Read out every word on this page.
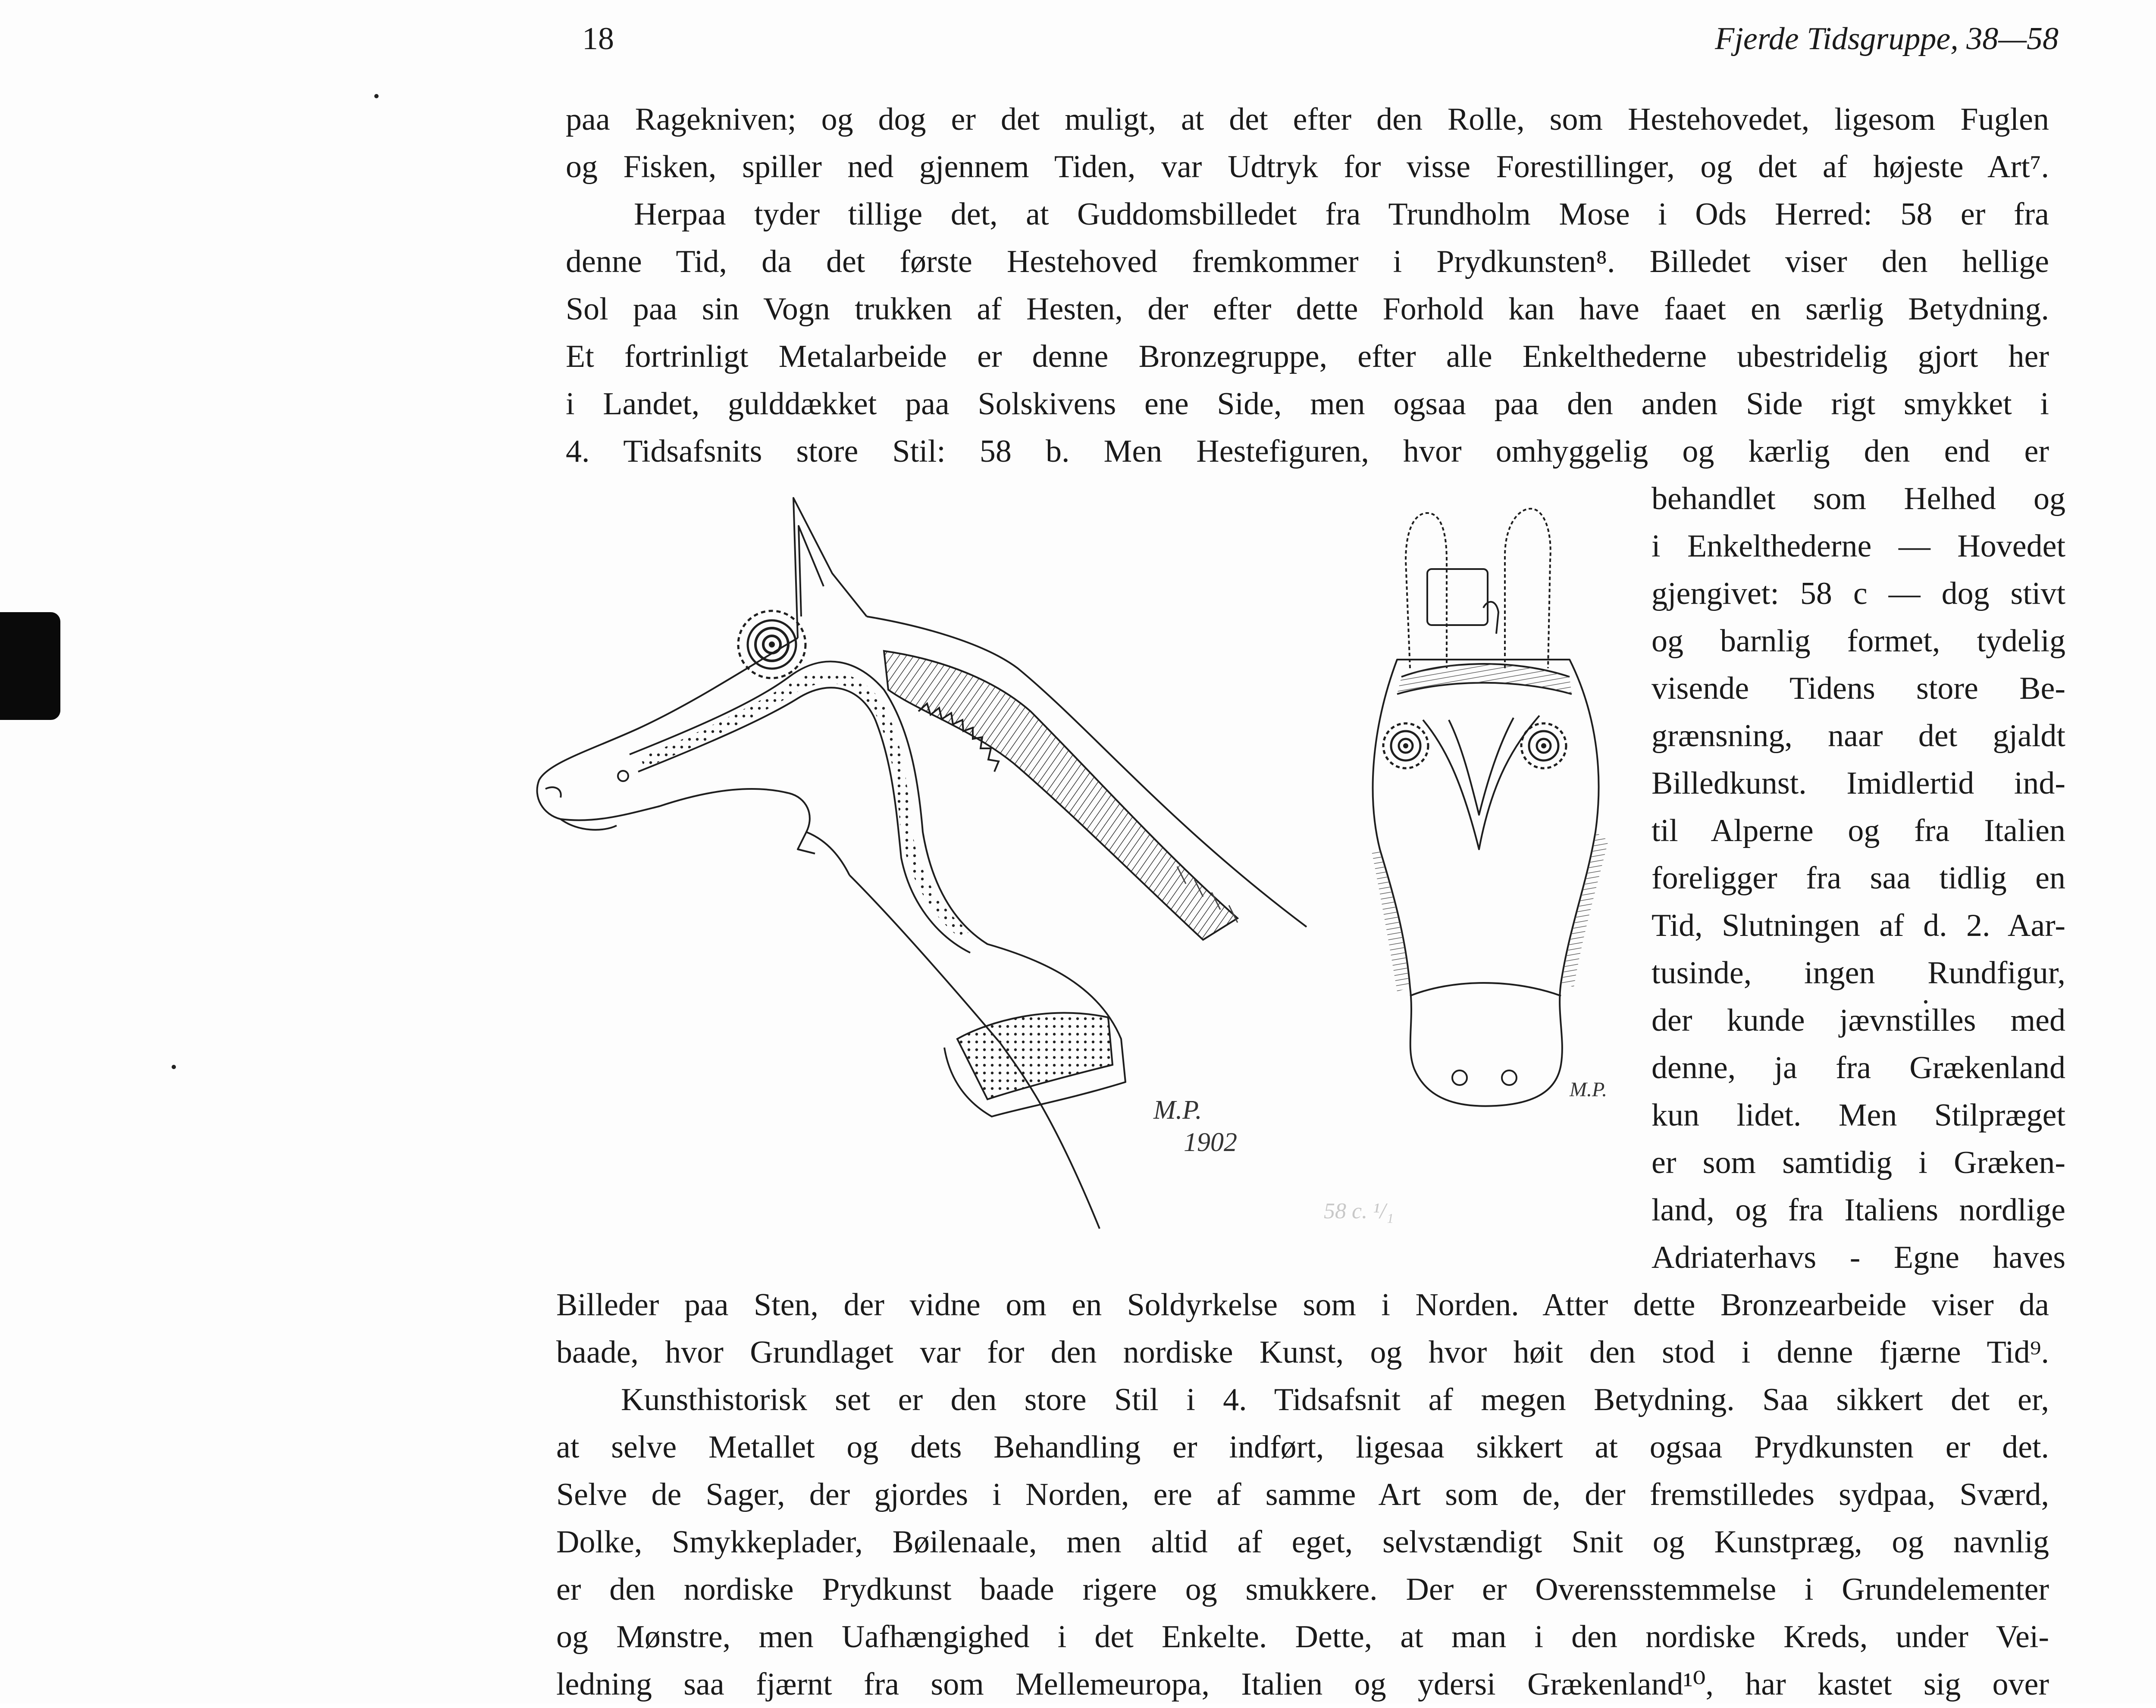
18	Fjerde Tidsgruppe, 38—58
paa Ragekniven; og dog er det muligt, at det efter den Rolle, som Hestehovedet, ligesom Fuglen
og Fisken, spiller ned gjennem Tiden, var Udtryk for visse Forestillinger, og det af højeste Art⁷.
Herpaa tyder tillige det, at Guddomsbilledet fra Trundholm Mose i Ods Herred: 58 er fra
denne Tid, da det første Hestehoved fremkommer i Prydkunsten⁸. Billedet viser den hellige
Sol paa sin Vogn trukken af Hesten, der efter dette Forhold kan have faaet en særlig Betydning.
Et fortrinligt Metalarbeide er denne Bronzegruppe, efter alle Enkelthederne ubestridelig gjort her
i Landet, gulddækket paa Solskivens ene Side, men ogsaa paa den anden Side rigt smykket i
4. Tidsafsnits store Stil: 58 b. Men Hestefiguren, hvor omhyggelig og kærlig den end er
behandlet som Helhed og
i Enkelthederne — Hovedet
gjengivet: 58 c — dog stivt
og barnlig formet, tydelig
visende Tidens store Be-
grænsning, naar det gjaldt
Billedkunst. Imidlertid ind-
til Alperne og fra Italien
foreligger fra saa tidlig en
Tid, Slutningen af d. 2. Aar-
tusinde, ingen Rundfigur,
der kunde jævnstilles med
denne, ja fra Grækenland
kun lidet. Men Stilpræget
er som samtidig i Græken-
land, og fra Italiens nordlige
Adriaterhavs - Egne haves
Billeder paa Sten, der vidne om en Soldyrkelse som i Norden. Atter dette Bronzearbeide viser da
baade, hvor Grundlaget var for den nordiske Kunst, og hvor høit den stod i denne fjærne Tid⁹.
Kunsthistorisk set er den store Stil i 4. Tidsafsnit af megen Betydning. Saa sikkert det er,
at selve Metallet og dets Behandling er indført, ligesaa sikkert at ogsaa Prydkunsten er det.
Selve de Sager, der gjordes i Norden, ere af samme Art som de, der fremstilledes sydpaa, Sværd,
Dolke, Smykkeplader, Bøilenaale, men altid af eget, selvstændigt Snit og Kunstpræg, og navnlig
er den nordiske Prydkunst baade rigere og smukkere. Der er Overensstemmelse i Grundelementer
og Mønstre, men Uafhængighed i det Enkelte. Dette, at man i den nordiske Kreds, under Vei-
ledning saa fjærnt fra som Mellemeuropa, Italien og ydersi Grækenland¹⁰, har kastet sig over
M.P.
1902
M.P.
58 c. ¹/₁
